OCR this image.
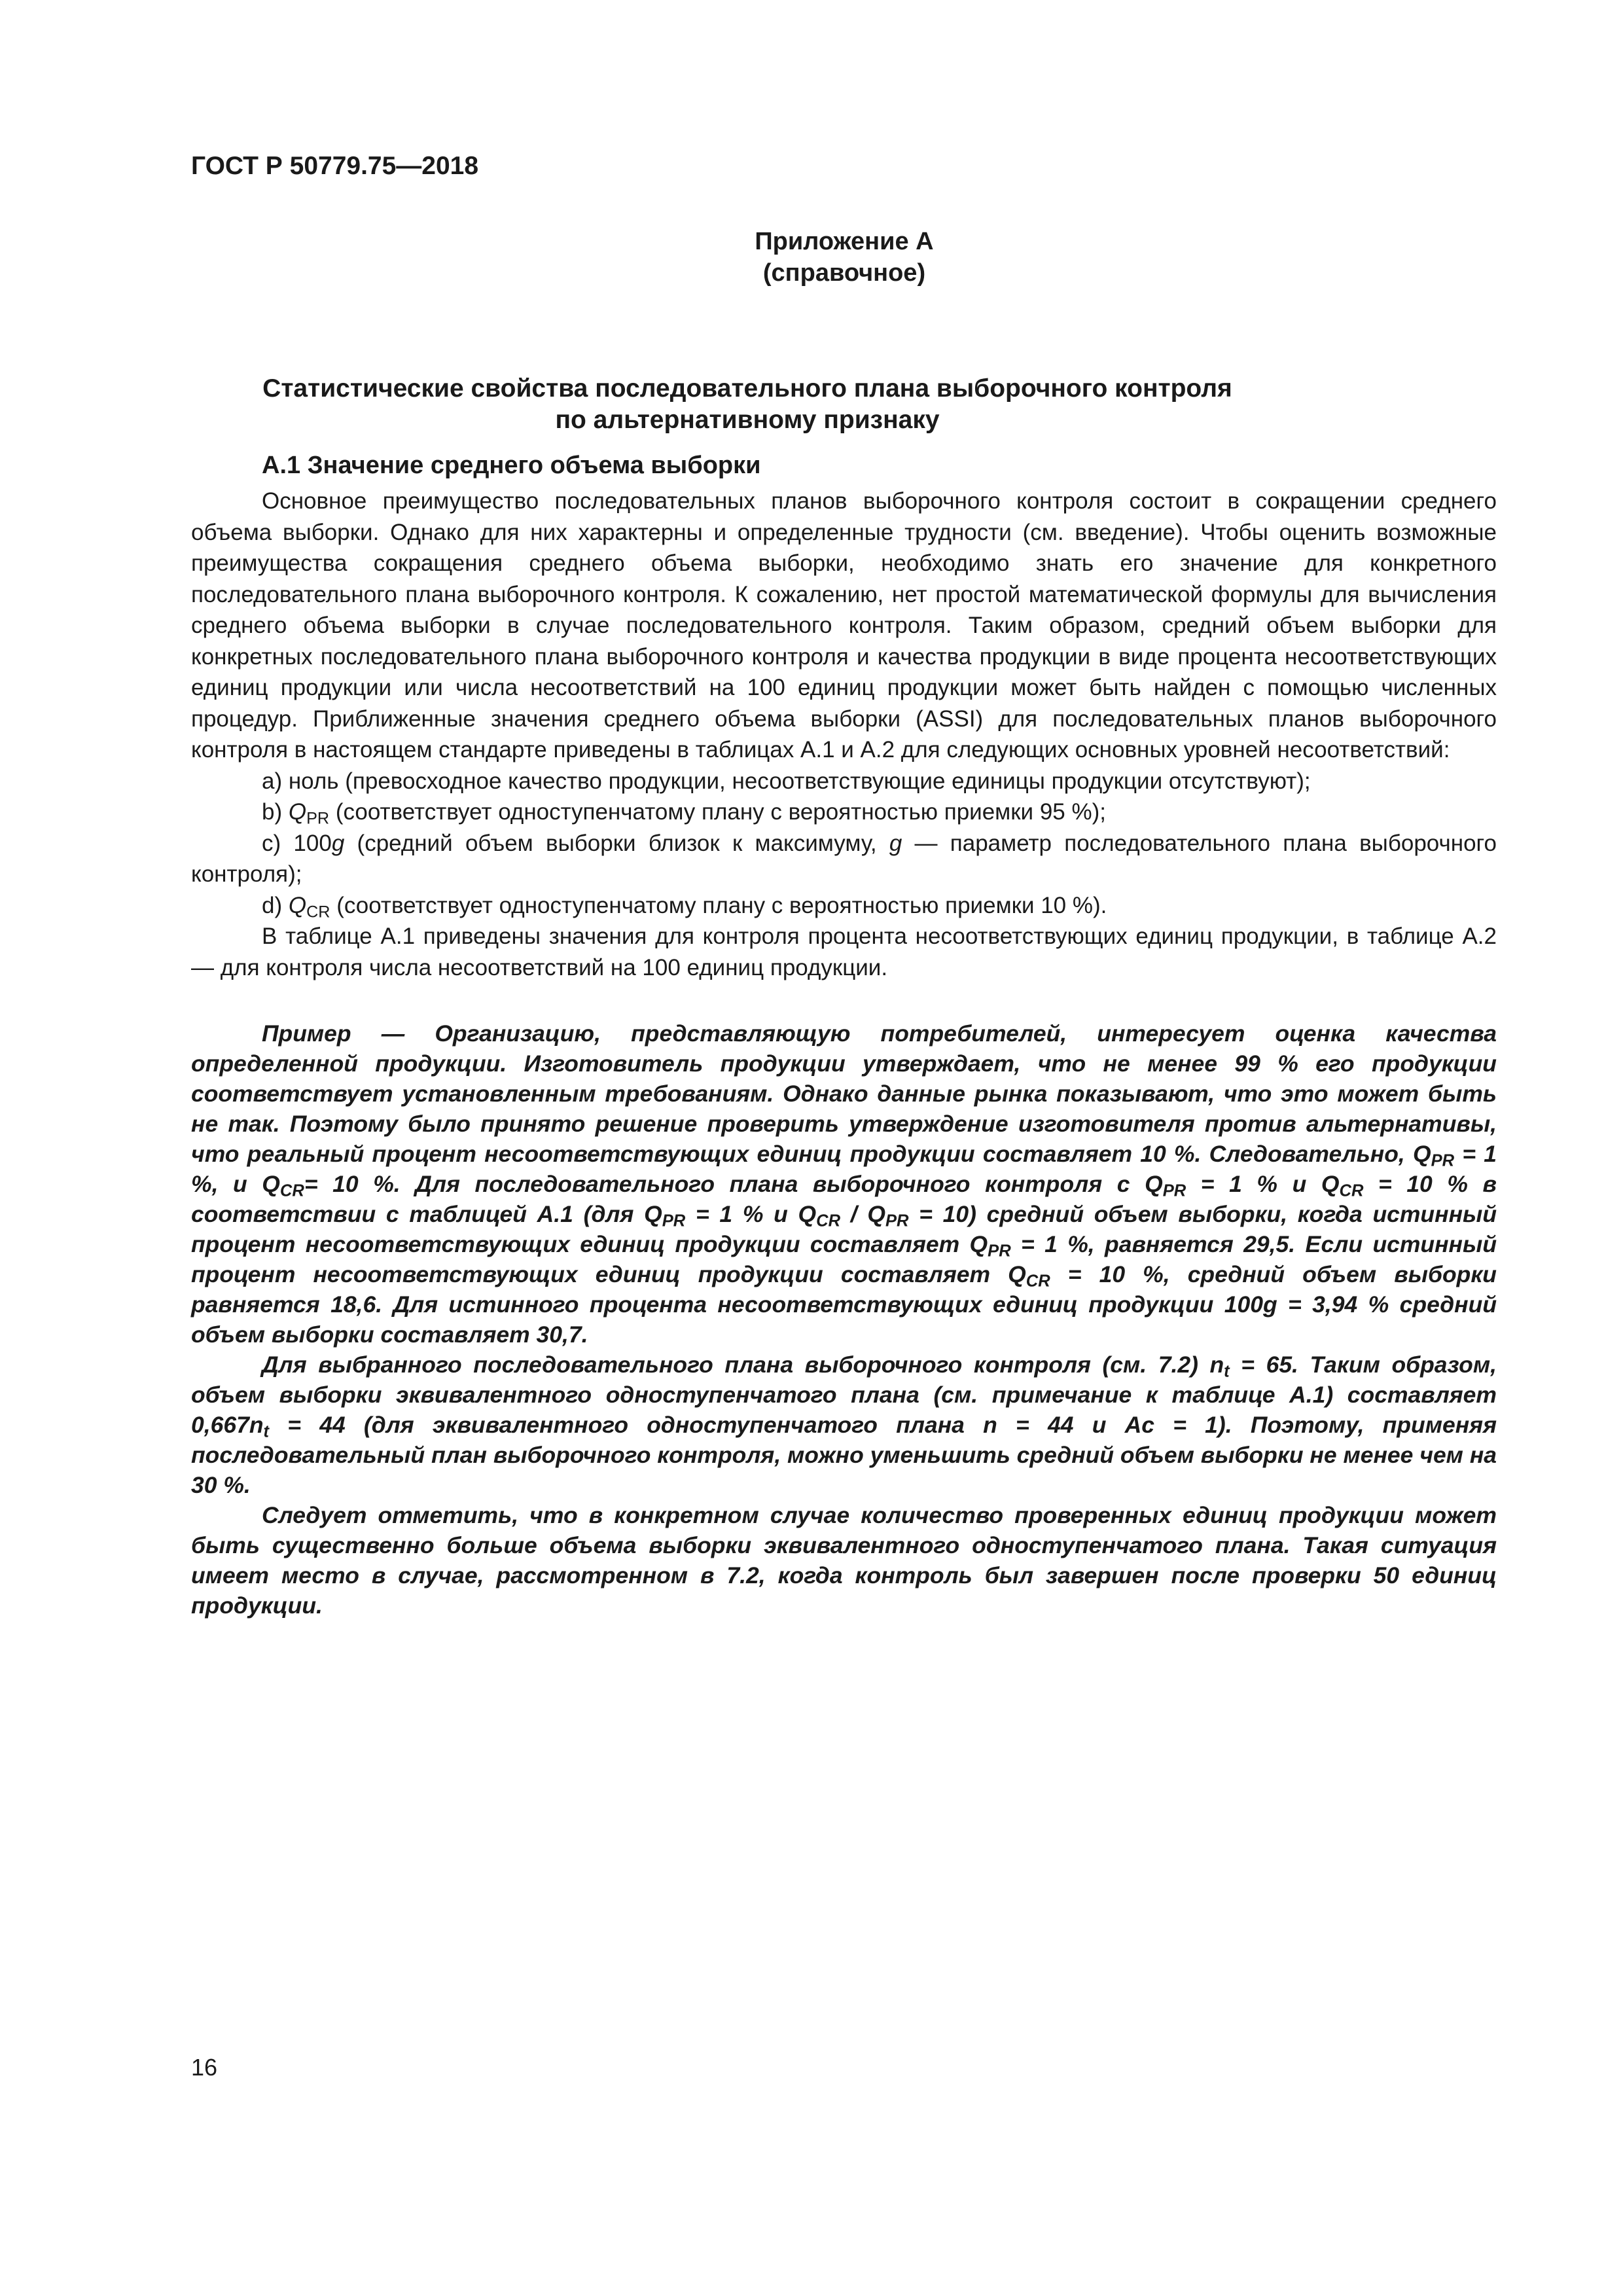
ГОСТ Р 50779.75—2018
Приложение А
(справочное)
Статистические свойства последовательного плана выборочного контроля
по альтернативному признаку
А.1 Значение среднего объема выборки

Основное преимущество последовательных планов выборочного контроля состоит в сокращении среднего объема выборки. Однако для них характерны и определенные трудности (см. введение). Чтобы оценить возможные преимущества сокращения среднего объема выборки, необходимо знать его значение для конкретного последовательного плана выборочного контроля. К сожалению, нет простой математической формулы для вычисления среднего объема выборки в случае последовательного контроля. Таким образом, средний объем выборки для конкретных последовательного плана выборочного контроля и качества продукции в виде процента несоответствующих единиц продукции или числа несоответствий на 100 единиц продукции может быть найден с помощью численных процедур. Приближенные значения среднего объема выборки (ASSI) для последовательных планов выборочного контроля в настоящем стандарте приведены в таблицах А.1 и А.2 для следующих основных уровней несоответствий:

a) ноль (превосходное качество продукции, несоответствующие единицы продукции отсутствуют);

b) $Q_{PR}$ (соответствует одноступенчатому плану с вероятностью приемки 95 %);

c) 100g (средний объем выборки близок к максимуму, g — параметр последовательного плана выборочного контроля);

d) $Q_{CR}$ (соответствует одноступенчатому плану с вероятностью приемки 10 %).

В таблице А.1 приведены значения для контроля процента несоответствующих единиц продукции, в таблице А.2 — для контроля числа несоответствий на 100 единиц продукции.

Пример — Организацию, представляющую потребителей, интересует оценка качества определенной продукции. Изготовитель продукции утверждает, что не менее 99 % его продукции соответствует установленным требованиям. Однако данные рынка показывают, что это может быть не так. Поэтому было принято решение проверить утверждение изготовителя против альтернативы, что реальный процент несоответствующих единиц продукции составляет 10 %. Следовательно, $Q_{PR} = 1$ %, и $Q_{CR}= 10$ %. Для последовательного плана выборочного контроля с $Q_{PR} = 1$ % и $Q_{CR} = 10$ % в соответствии с таблицей А.1 (для $Q_{PR} = 1$ % и $Q_{CR} / Q_{PR} = 10$) средний объем выборки, когда истинный процент несоответствующих единиц продукции составляет $Q_{PR} = 1$ %, равняется 29,5. Если истинный процент несоответствующих единиц продукции составляет $Q_{CR} = 10$ %, средний объем выборки равняется 18,6. Для истинного процента несоответствующих единиц продукции 100g = 3,94 % средний объем выборки составляет 30,7.

Для выбранного последовательного плана выборочного контроля (см. 7.2) $n_t = 65$. Таким образом, объем выборки эквивалентного одноступенчатого плана (см. примечание к таблице А.1) составляет $0,667n_t = 44$ (для эквивалентного одноступенчатого плана n = 44 и Ac = 1). Поэтому, применяя последовательный план выборочного контроля, можно уменьшить средний объем выборки не менее чем на 30 %.

Следует отметить, что в конкретном случае количество проверенных единиц продукции может быть существенно больше объема выборки эквивалентного одноступенчатого плана. Такая ситуация имеет место в случае, рассмотренном в 7.2, когда контроль был завершен после проверки 50 единиц продукции.

16
